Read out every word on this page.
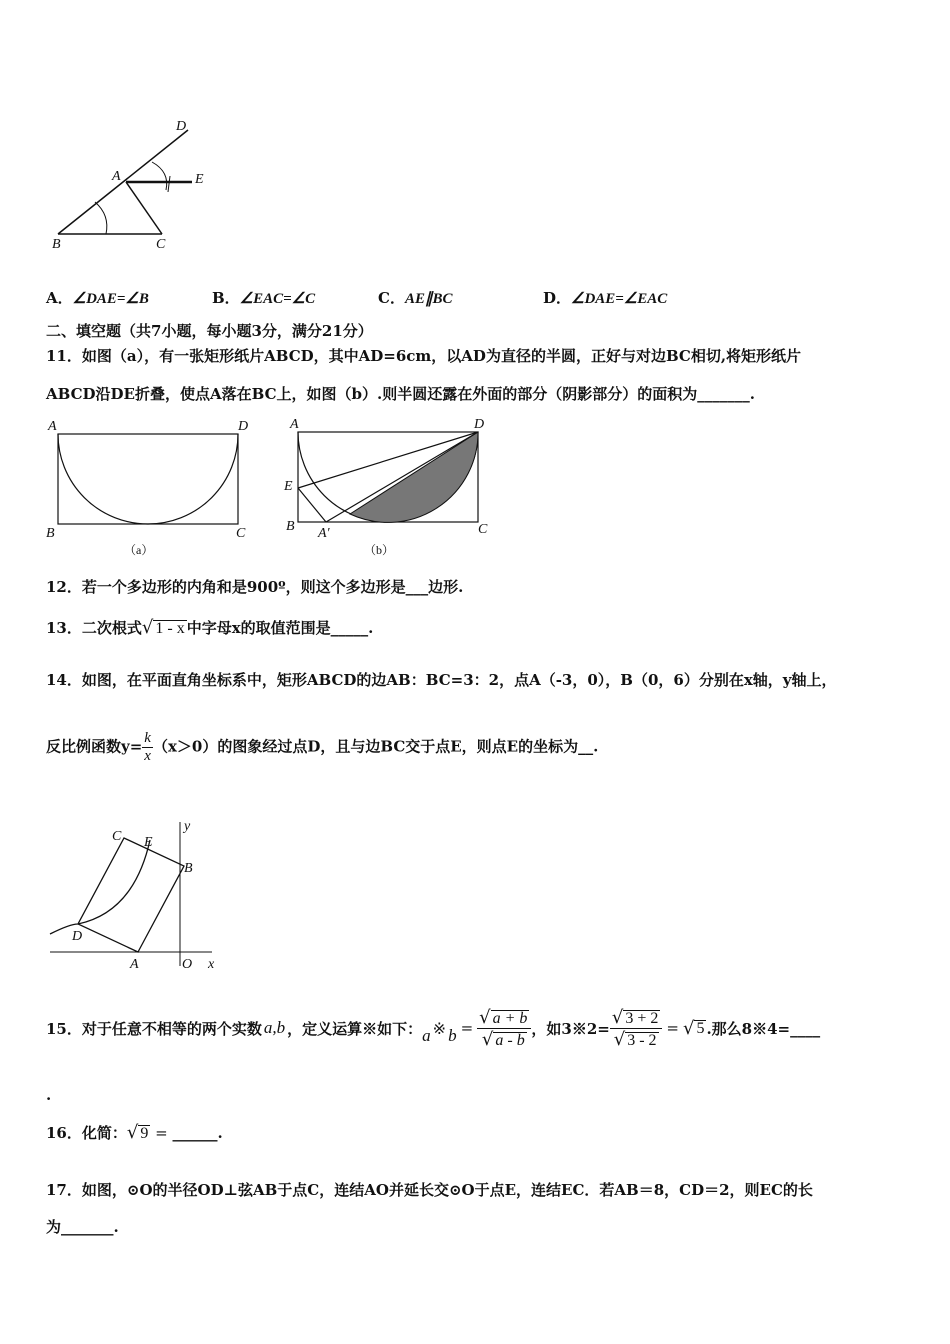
D
A	E
B	C
A．∠DAE=∠B	B．∠EAC=∠C	C．AE∥BC	D．∠DAE=∠EAC
二、填空题（共7小题，每小题3分，满分21分）
11．如图（a），有一张矩形纸片ABCD，其中AD=6cm，以AD为直径的半圆，正好与对边BC相切,将矩形纸片
ABCD沿DE折叠，使点A落在BC上，如图（b）.则半圆还露在外面的部分（阴影部分）的面积为_______.
A	D
B	C
（a）
A	D
E
B A′	C
（b）
12．若一个多边形的内角和是900º，则这个多边形是___边形.
13．二次根式√ 1 - x 中字母x的取值范围是_____.
14．如图，在平面直角坐标系中，矩形ABCD的边AB：BC=3：2，点A（-3，0），B（0，6）分别在x轴，y轴上，
反比例函数$y= \frac{k}{x} (x>0)$的图象经过点D，且与边BC交于点E，则点E的坐标为__.
C E
y
B
D
A	O x
15．对于任意不相等的两个实数 a,b ，定义运算※如下： a ※ $b = \frac{√ a + b}{√ a - b}$ ，如3※2= $\frac{√ 3 + 2}{√ 3 - 2}$ = √ 5 .那么8※4=____
.
16．化简：√ 9 = ______.
17．如图，⊙O的半径OD⊥弦AB于点C，连结AO并延长交⊙O于点E，连结EC．若AB＝8，CD＝2，则EC的长
为_______.
